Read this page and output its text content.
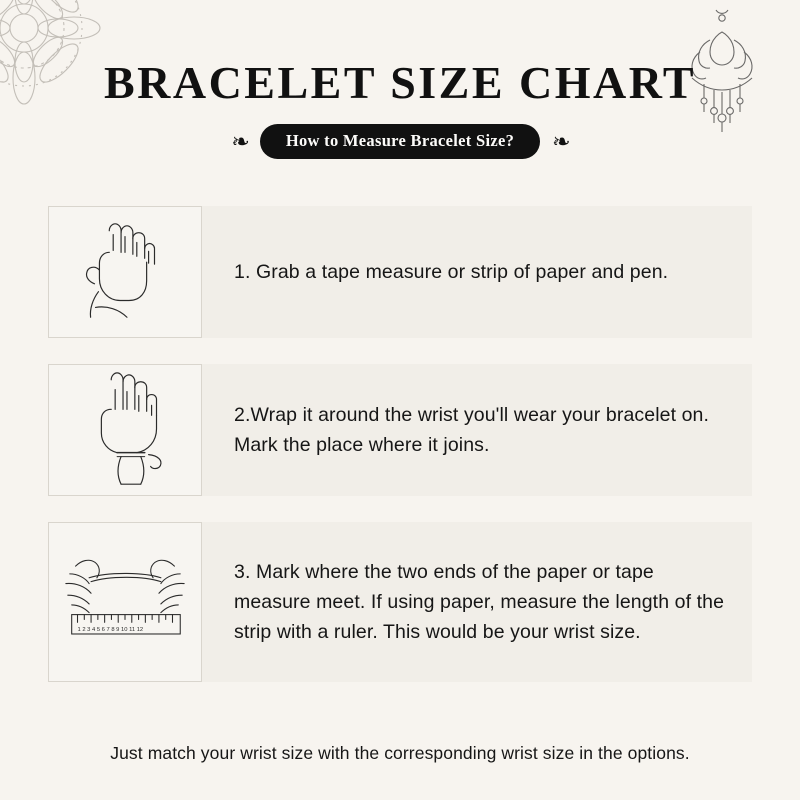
BRACELET SIZE CHART
❧	How to Measure Bracelet Size?	❧
1. Grab a tape measure or strip of paper and pen.
2.Wrap it around the wrist you'll wear your bracelet on. Mark the place where it joins.
1 2 3 4 5 6 7 8 9 10 11 12
3. Mark where the two ends of the paper or tape measure meet. If using paper, measure the length of the strip with a ruler. This would be your wrist size.
Just match your wrist size with the corresponding wrist size in the options.
